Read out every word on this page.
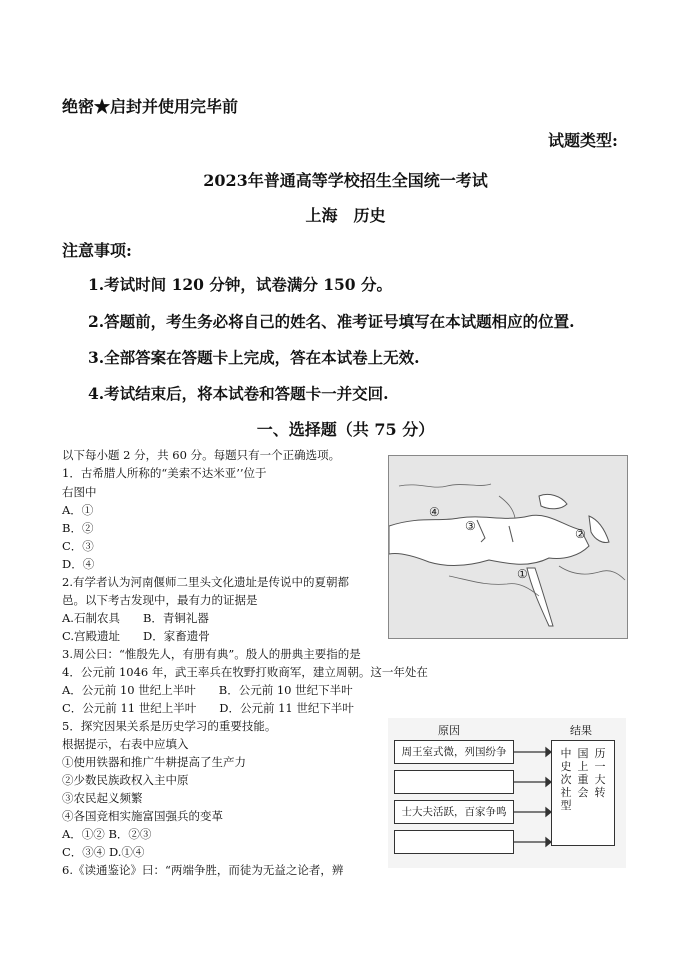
绝密★启封并使用完毕前
试题类型:
2023年普通高等学校招生全国统一考试
上海　历史
注意事项:
1.考试时间 120 分钟，试卷满分 150 分。
2.答题前，考生务必将自己的姓名、准考证号填写在本试题相应的位置.
3.全部答案在答题卡上完成，答在本试卷上无效.
4.考试结束后，将本试卷和答题卡一并交回.
一、选择题（共 75 分）
以下每小题 2 分，共 60 分。每题只有一个正确选项。
1．古希腊人所称的“美索不达米亚’’位于
右图中
A．①
B．②
C．③
D．④
2.有学者认为河南偃师二里头文化遗址是传说中的夏朝都
邑。以下考古发现中，最有力的证据是
A.石制农具　　B．青铜礼器
C.宫殿遗址　　D．家畜遗骨
3.周公曰：“惟殷先人，有册有典”。殷人的册典主要指的是
4．公元前 1046 年，武王率兵在牧野打败商军，建立周朝。这一年处在
A．公元前 10 世纪上半叶　　B．公元前 10 世纪下半叶
C．公元前 11 世纪上半叶　　D．公元前 11 世纪下半叶
5．探究因果关系是历史学习的重要技能。
根据提示，右表中应填入
①使用铁器和推广牛耕提高了生产力
②少数民族政权入主中原
③农民起义频繁
④各国竞相实施富国强兵的变革
A．①② B．②③
C．③④ D.①④
6.《读通鉴论》曰：“两端争胜，而徒为无益之论者，辨
④
③
②
①
原因	结果
周王室式微，列国纷争
士大夫活跃，百家争鸣
中史次社型
国上重会
历一大转
